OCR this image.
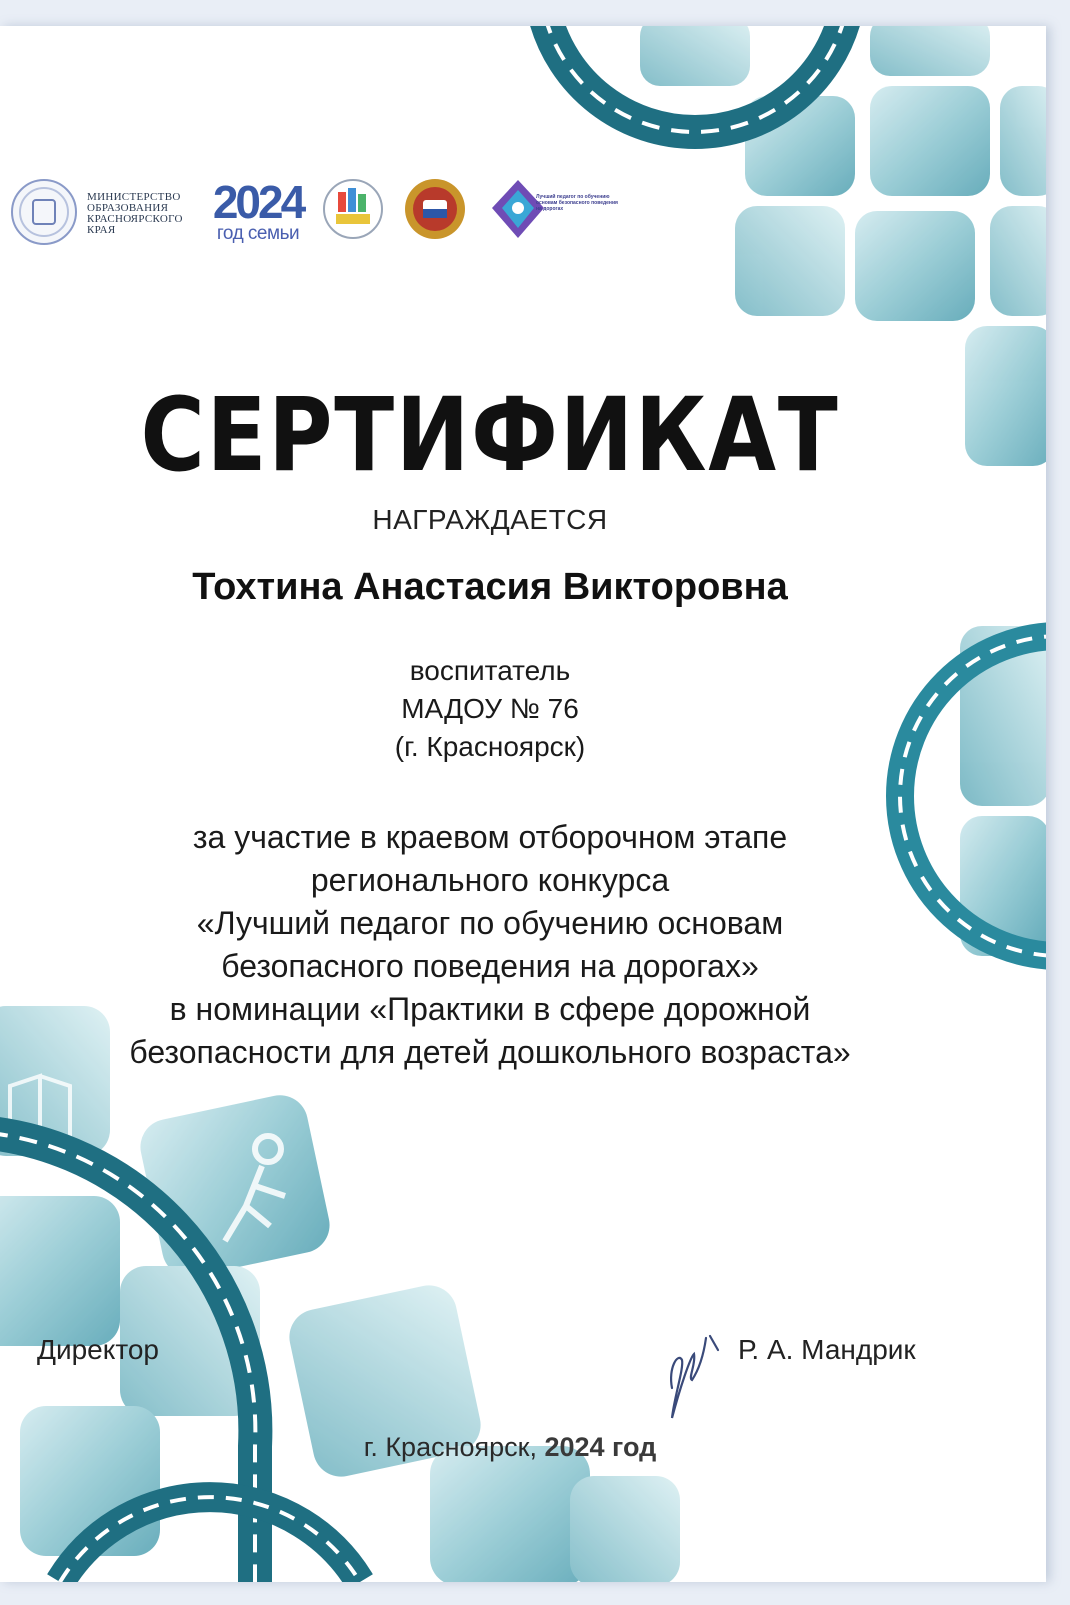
МИНИСТЕРСТВО
ОБРАЗОВАНИЯ
КРАСНОЯРСКОГО
КРАЯ
2024
год семьи
Лучший педагог по обучению основам безопасного поведения на дорогах
СЕРТИФИКАТ
НАГРАЖДАЕТСЯ
Тохтина Анастасия Викторовна
воспитатель
МАДОУ № 76
(г. Красноярск)
за участие в краевом отборочном этапе
регионального конкурса
«Лучший педагог по обучению основам
безопасного поведения на дорогах»
в номинации «Практики в сфере дорожной
безопасности для детей дошкольного возраста»
Директор	Р. А. Мандрик
г. Красноярск, 2024 год
